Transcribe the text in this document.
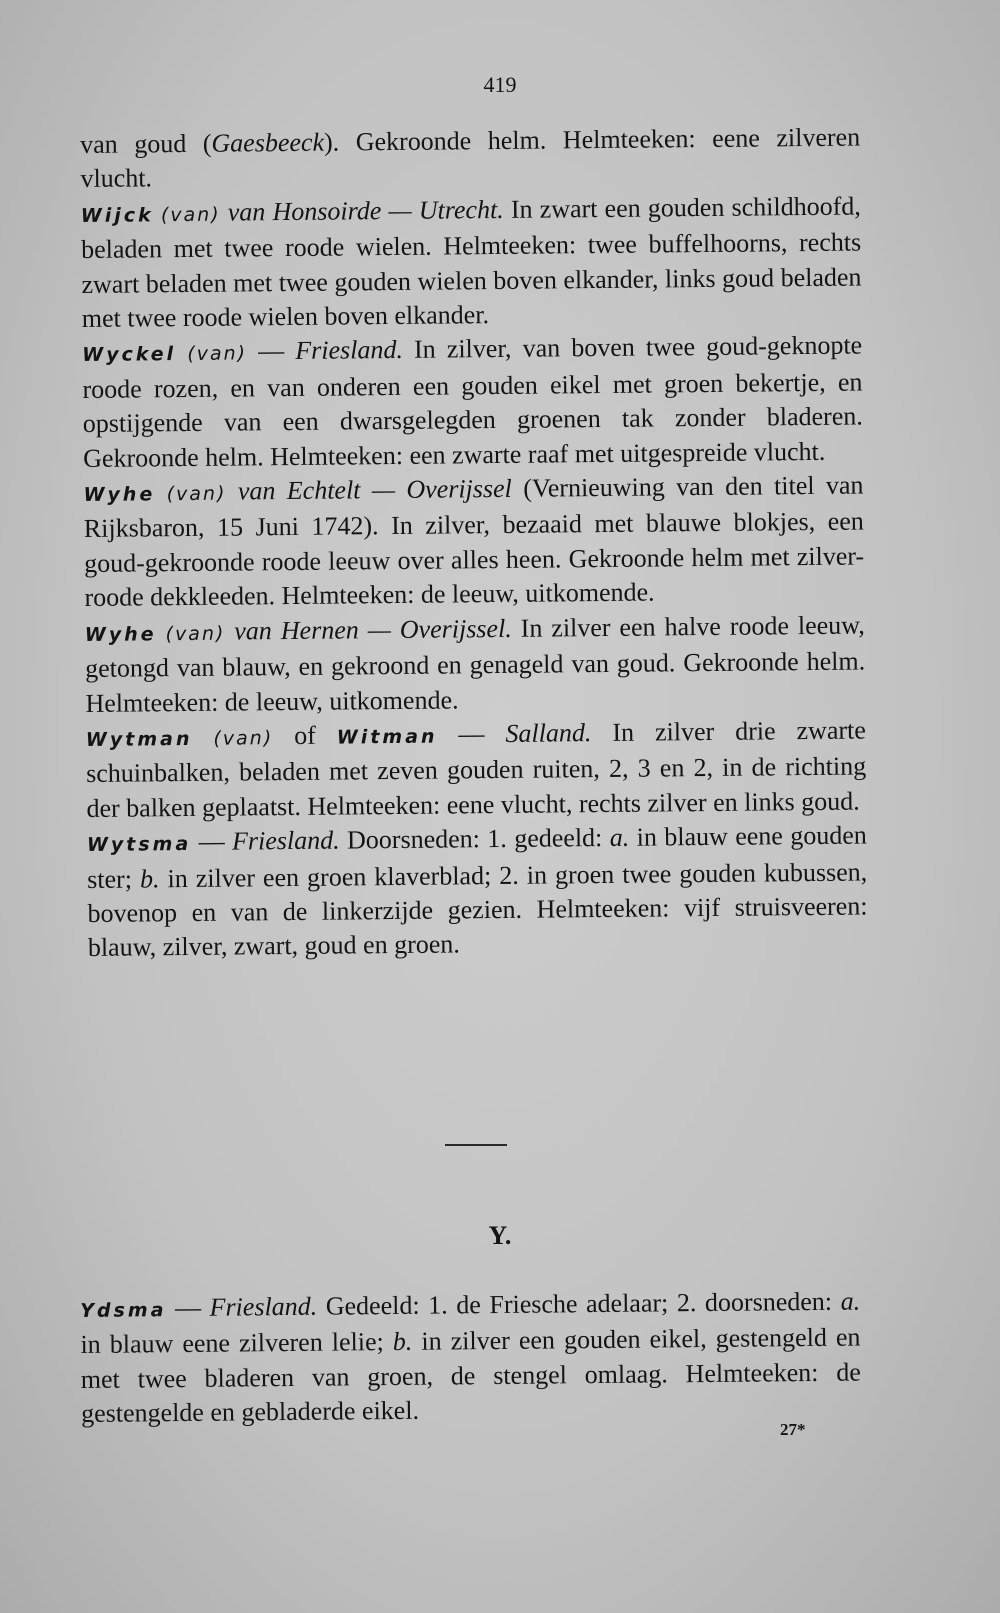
419

van goud (Gaesbeeck). Gekroonde helm. Helmteeken: eene zilveren vlucht.

Wijck (van) van Honsoirde — Utrecht. In zwart een gouden schildhoofd, beladen met twee roode wielen. Helmteeken: twee buffelhoorns, rechts zwart beladen met twee gouden wielen boven elkander, links goud beladen met twee roode wielen boven elkander.

Wyckel (van) — Friesland. In zilver, van boven twee goud-geknopte roode rozen, en van onderen een gouden eikel met groen bekertje, en opstijgende van een dwarsgelegden groenen tak zonder bladeren. Gekroonde helm. Helmteeken: een zwarte raaf met uitgespreide vlucht.

Wyhe (van) van Echtelt — Overijssel (Vernieuwing van den titel van Rijksbaron, 15 Juni 1742). In zilver, bezaaid met blauwe blokjes, een goud-gekroonde roode leeuw over alles heen. Gekroonde helm met zilver-roode dekkleeden. Helmteeken: de leeuw, uitkomende.

Wyhe (van) van Hernen — Overijssel. In zilver een halve roode leeuw, getongd van blauw, en gekroond en genageld van goud. Gekroonde helm. Helmteeken: de leeuw, uitkomende.

Wytman (van) of Witman — Salland. In zilver drie zwarte schuinbalken, beladen met zeven gouden ruiten, 2, 3 en 2, in de richting der balken geplaatst. Helmteeken: eene vlucht, rechts zilver en links goud.

Wytsma — Friesland. Doorsneden: 1. gedeeld: a. in blauw eene gouden ster; b. in zilver een groen klaverblad; 2. in groen twee gouden kubussen, bovenop en van de linkerzijde gezien. Helmteeken: vijf struisveeren: blauw, zilver, zwart, goud en groen.

Y.

Ydsma — Friesland. Gedeeld: 1. de Friesche adelaar; 2. doorsneden: a. in blauw eene zilveren lelie; b. in zilver een gouden eikel, gestengeld en met twee bladeren van groen, de stengel omlaag. Helmteeken: de gestengelde en gebladerde eikel.

27*
